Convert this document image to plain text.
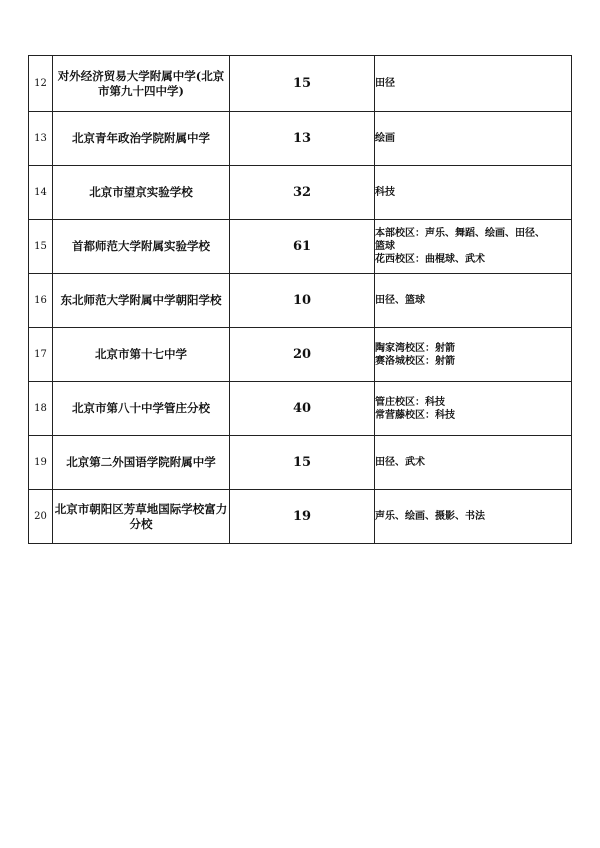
12	对外经济贸易大学附属中学(北京市第九十四中学)	15	田径

13	北京青年政治学院附属中学	13	绘画

14	北京市望京实验学校	32	科技

15	首都师范大学附属实验学校	61	本部校区：声乐、舞蹈、绘画、田径、
篮球
花西校区：曲棍球、武术

16	东北师范大学附属中学朝阳学校	10	田径、篮球

17	北京市第十七中学	20	陶家湾校区：射箭
赛洛城校区：射箭

18	北京市第八十中学管庄分校	40	管庄校区：科技
常营藤校区：科技

19	北京第二外国语学院附属中学	15	田径、武术

20	北京市朝阳区芳草地国际学校富力分校	19	声乐、绘画、摄影、书法
